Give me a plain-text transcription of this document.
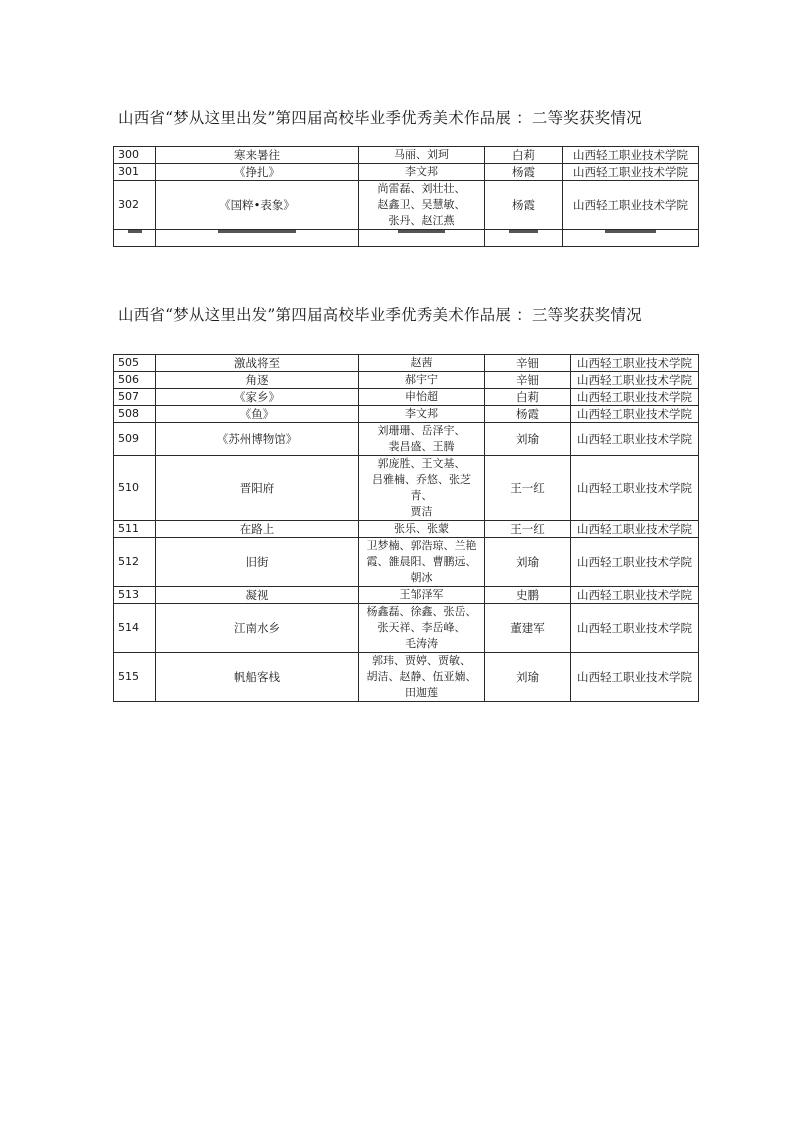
山西省“梦从这里出发”第四届高校毕业季优秀美术作品展 ：二等奖获奖情况
300	寒来暑往	马丽、刘珂	白莉	山西轻工职业技术学院
301	《挣扎》	李文邦	杨霞	山西轻工职业技术学院
302	《国粹•表象》	尚雷磊、刘壮壮、
赵鑫卫、吴慧敏、
张丹、赵江燕	杨霞	山西轻工职业技术学院

山西省“梦从这里出发”第四届高校毕业季优秀美术作品展 ：三等奖获奖情况
505	激战将至	赵茜	辛钿	山西轻工职业技术学院
506	角逐	郝宇宁	辛钿	山西轻工职业技术学院
507	《家乡》	申怡超	白莉	山西轻工职业技术学院
508	《鱼》	李文邦	杨霞	山西轻工职业技术学院
509	《苏州博物馆》	刘珊珊、岳泽宇、
裴昌盛、王腾	刘瑜	山西轻工职业技术学院
510	晋阳府	郭庞胜、王文基、
吕雅楠、乔悠、张芝青、
贾洁	王一红	山西轻工职业技术学院
511	在路上	张乐、张蒙	王一红	山西轻工职业技术学院
512	旧街	卫梦楠、郭浩琼、兰艳
霞、雒晨阳、曹鹏远、
朝冰	刘瑜	山西轻工职业技术学院
513	凝视	王邹泽军	史鹏	山西轻工职业技术学院
514	江南水乡	杨鑫磊、徐鑫、张岳、
张天祥、李岳峰、
毛涛涛	董建军	山西轻工职业技术学院
515	帆船客栈	郭玮、贾婷、贾敏、
胡洁、赵静、伍亚婻、
田迦莲	刘瑜	山西轻工职业技术学院
